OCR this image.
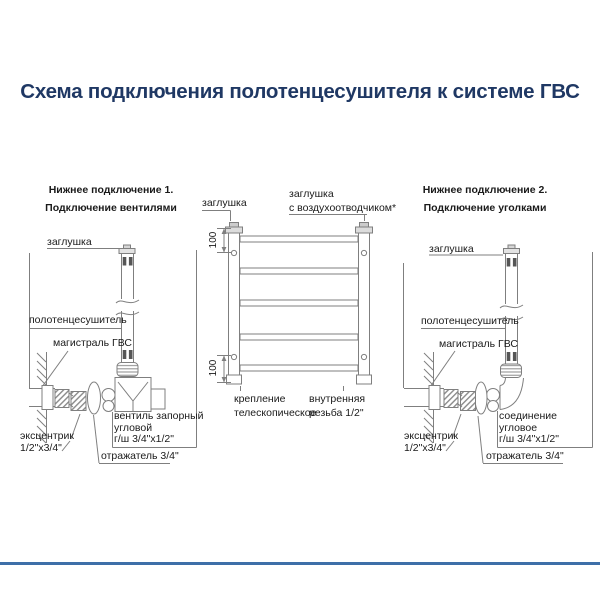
Схема подключения полотенцесушителя к системе ГВС
Нижнее подключение 1.
Подключение вентилями
Нижнее подключение 2.
Подключение уголками
заглушка
полотенцесушитель
магистраль ГВС
эксцентрик
1/2"х3/4"
вентиль запорный
угловой
г/ш 3/4"х1/2"
отражатель 3/4"
заглушка
заглушка
с воздухоотводчиком*
100
100
крепление
телескопическое
внутренняя
резьба 1/2"
заглушка
полотенцесушитель
магистраль ГВС
эксцентрик
1/2"х3/4"
соединение
угловое
г/ш 3/4"х1/2"
отражатель 3/4"
